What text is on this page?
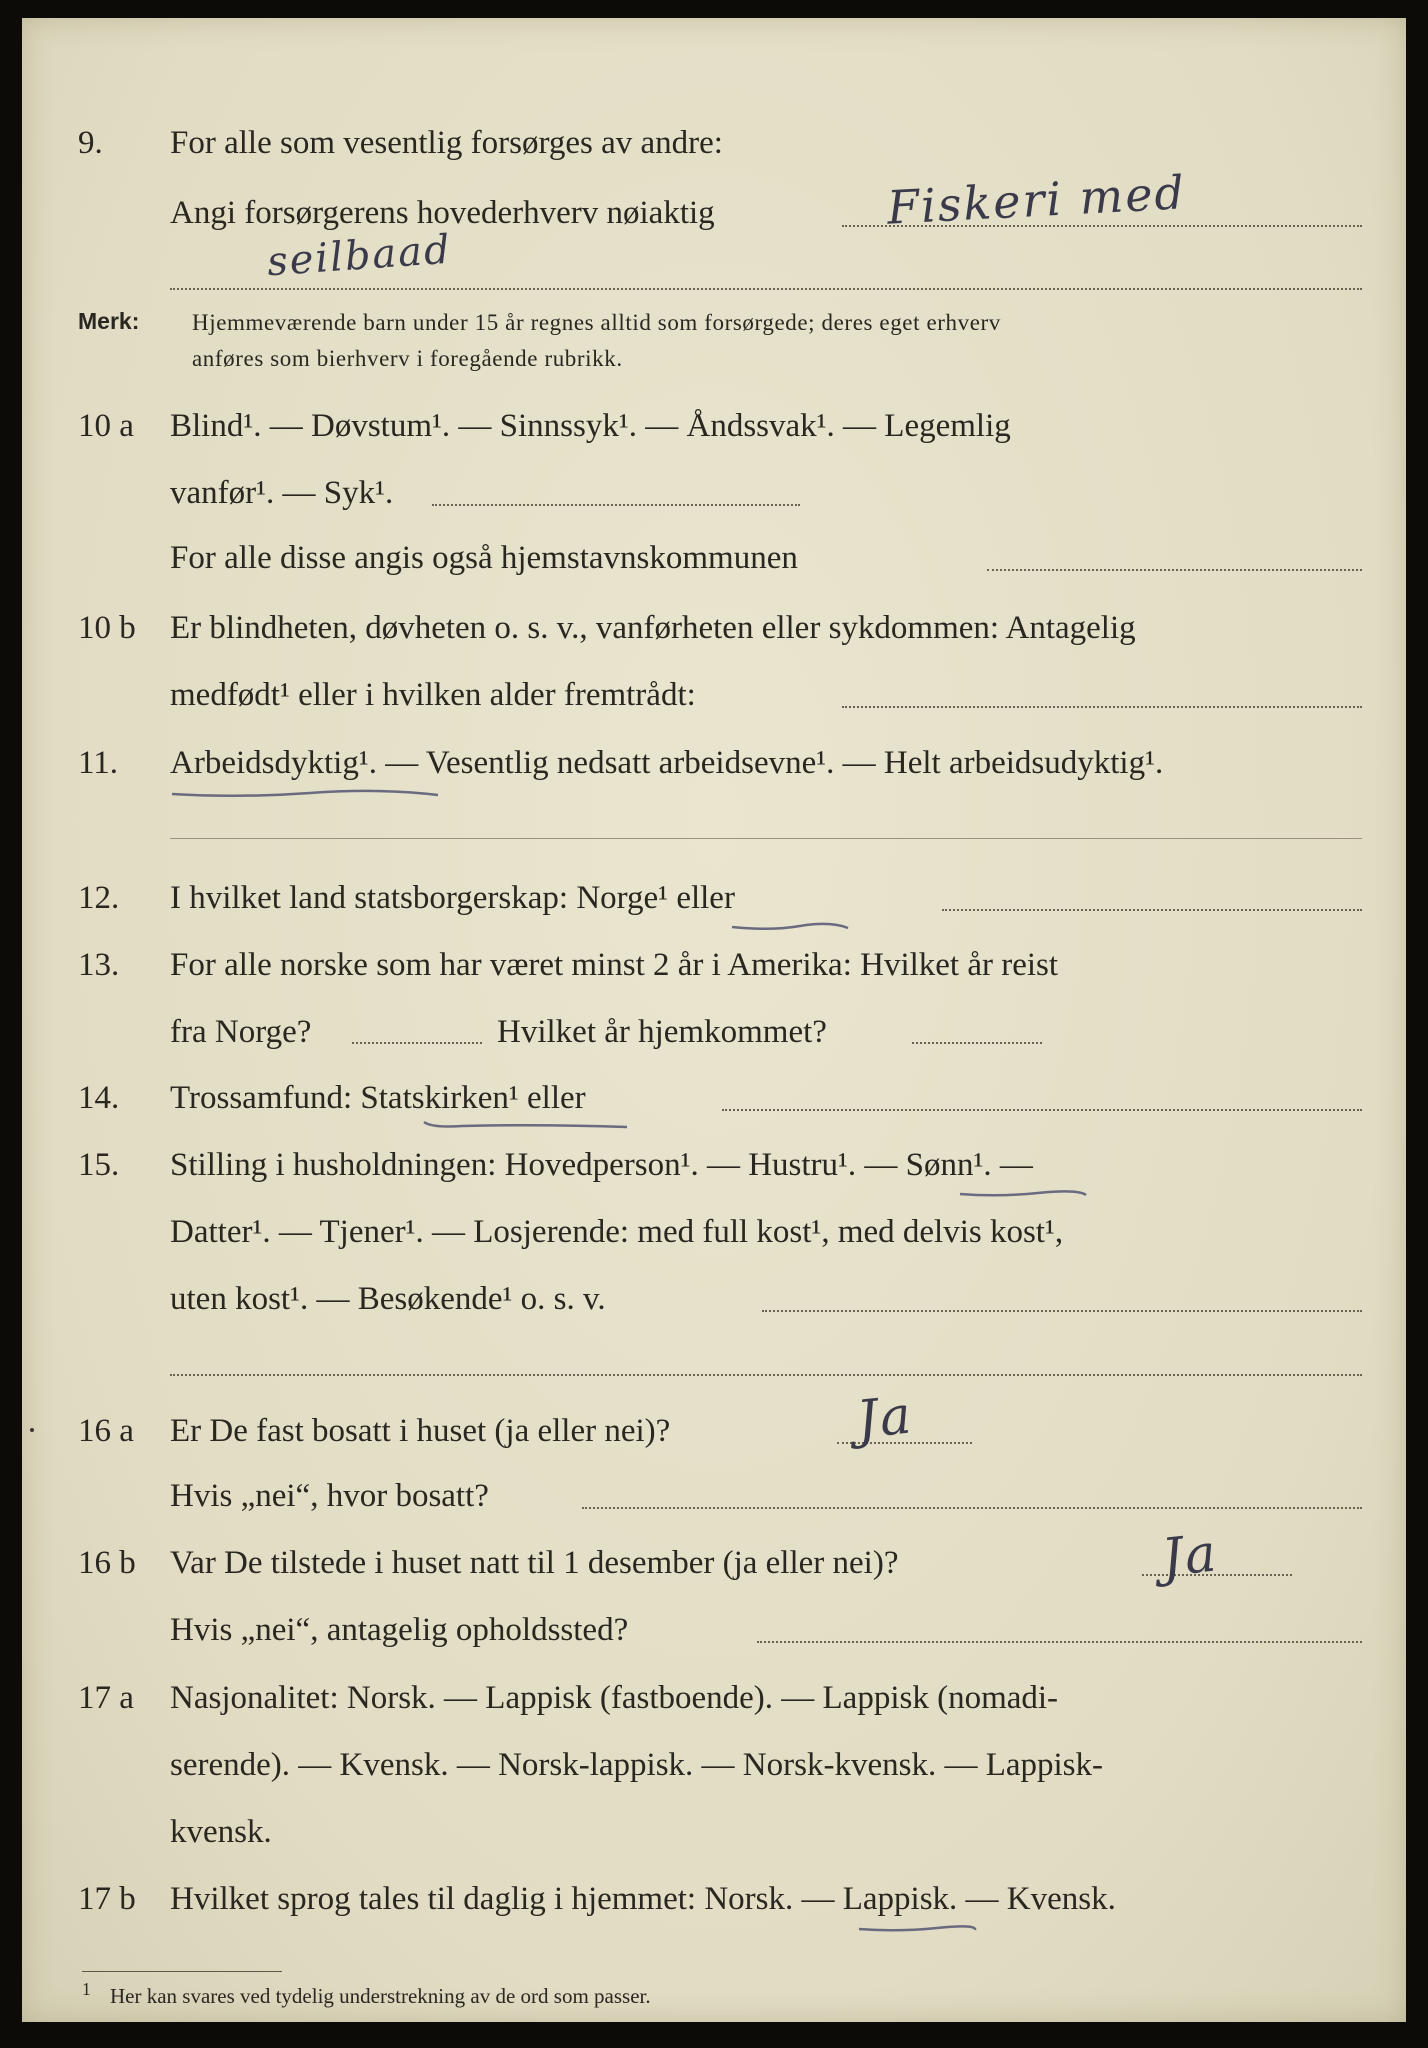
9. For alle som vesentlig forsørges av andre:
Angi forsørgerens hovederhverv nøiaktig	Fiskeri med
seilbaad
Merk: Hjemmeværende barn under 15 år regnes alltid som forsørgede; deres eget erhverv
anføres som bierhverv i foregående rubrikk.
10 a Blind¹. — Døvstum¹. — Sinnssyk¹. — Åndssvak¹. — Legemlig
vanfør¹. — Syk¹.
For alle disse angis også hjemstavnskommunen
10 b Er blindheten, døvheten o. s. v., vanførheten eller sykdommen: Antagelig
medfødt¹ eller i hvilken alder fremtrådt:
11. Arbeidsdyktig¹. — Vesentlig nedsatt arbeidsevne¹. — Helt arbeidsudyktig¹.
12. I hvilket land statsborgerskap: Norge¹ eller
13. For alle norske som har været minst 2 år i Amerika: Hvilket år reist
fra Norge?	Hvilket år hjemkommet?
14. Trossamfund: Statskirken¹ eller
15. Stilling i husholdningen: Hovedperson¹. — Hustru¹. — Sønn¹. —
Datter¹. — Tjener¹. — Losjerende: med full kost¹, med delvis kost¹,
uten kost¹. — Besøkende¹ o. s. v.
16 a Er De fast bosatt i huset (ja eller nei)?	Ja
Hvis „nei“, hvor bosatt?
16 b Var De tilstede i huset natt til 1 desember (ja eller nei)?	Ja
Hvis „nei“, antagelig opholdssted?
17 a Nasjonalitet: Norsk. — Lappisk (fastboende). — Lappisk (nomadi-
serende). — Kvensk. — Norsk-lappisk. — Norsk-kvensk. — Lappisk-
kvensk.
17 b Hvilket sprog tales til daglig i hjemmet: Norsk. — Lappisk. — Kvensk.
$^1$ Her kan svares ved tydelig understrekning av de ord som passer.
